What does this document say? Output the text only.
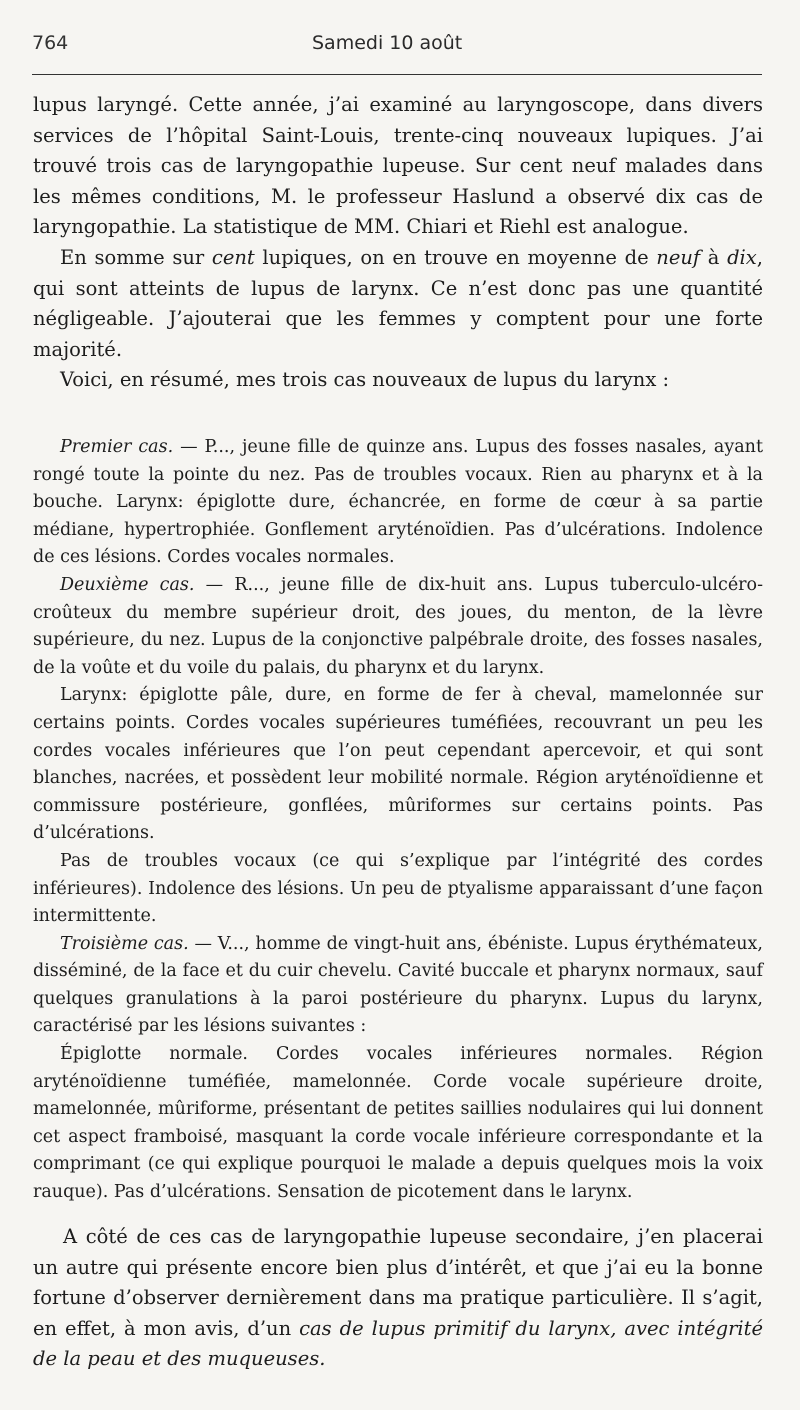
764	Samedi 10 août

lupus laryngé. Cette année, j’ai examiné au laryngoscope, dans divers services de l’hôpital Saint-Louis, trente-cinq nouveaux lupiques. J’ai trouvé trois cas de laryngopathie lupeuse. Sur cent neuf malades dans les mêmes conditions, M. le professeur Haslund a observé dix cas de laryngopathie. La statistique de MM. Chiari et Riehl est analogue.

En somme sur cent lupiques, on en trouve en moyenne de neuf à dix, qui sont atteints de lupus de larynx. Ce n’est donc pas une quantité négligeable. J’ajouterai que les femmes y comptent pour une forte majorité.

Voici, en résumé, mes trois cas nouveaux de lupus du larynx :

Premier cas. — P..., jeune fille de quinze ans. Lupus des fosses nasales, ayant rongé toute la pointe du nez. Pas de troubles vocaux. Rien au pharynx et à la bouche. Larynx: épiglotte dure, échancrée, en forme de cœur à sa partie médiane, hypertrophiée. Gonflement aryténoïdien. Pas d’ulcérations. Indolence de ces lésions. Cordes vocales normales.

Deuxième cas. — R..., jeune fille de dix-huit ans. Lupus tuberculo-ulcéro-croûteux du membre supérieur droit, des joues, du menton, de la lèvre supérieure, du nez. Lupus de la conjonctive palpébrale droite, des fosses nasales, de la voûte et du voile du palais, du pharynx et du larynx.

Larynx: épiglotte pâle, dure, en forme de fer à cheval, mamelonnée sur certains points. Cordes vocales supérieures tuméfiées, recouvrant un peu les cordes vocales inférieures que l’on peut cependant apercevoir, et qui sont blanches, nacrées, et possèdent leur mobilité normale. Région aryténoïdienne et commissure postérieure, gonflées, mûriformes sur certains points. Pas d’ulcérations.

Pas de troubles vocaux (ce qui s’explique par l’intégrité des cordes inférieures). Indolence des lésions. Un peu de ptyalisme apparaissant d’une façon intermittente.

Troisième cas. — V..., homme de vingt-huit ans, ébéniste. Lupus érythémateux, disséminé, de la face et du cuir chevelu. Cavité buccale et pharynx normaux, sauf quelques granulations à la paroi postérieure du pharynx. Lupus du larynx, caractérisé par les lésions suivantes :

Épiglotte normale. Cordes vocales inférieures normales. Région aryténoïdienne tuméfiée, mamelonnée. Corde vocale supérieure droite, mamelonnée, mûriforme, présentant de petites saillies nodulaires qui lui donnent cet aspect framboisé, masquant la corde vocale inférieure correspondante et la comprimant (ce qui explique pourquoi le malade a depuis quelques mois la voix rauque). Pas d’ulcérations. Sensation de picotement dans le larynx.

A côté de ces cas de laryngopathie lupeuse secondaire, j’en placerai un autre qui présente encore bien plus d’intérêt, et que j’ai eu la bonne fortune d’observer dernièrement dans ma pratique particulière. Il s’agit, en effet, à mon avis, d’un cas de lupus primitif du larynx, avec intégrité de la peau et des muqueuses.
